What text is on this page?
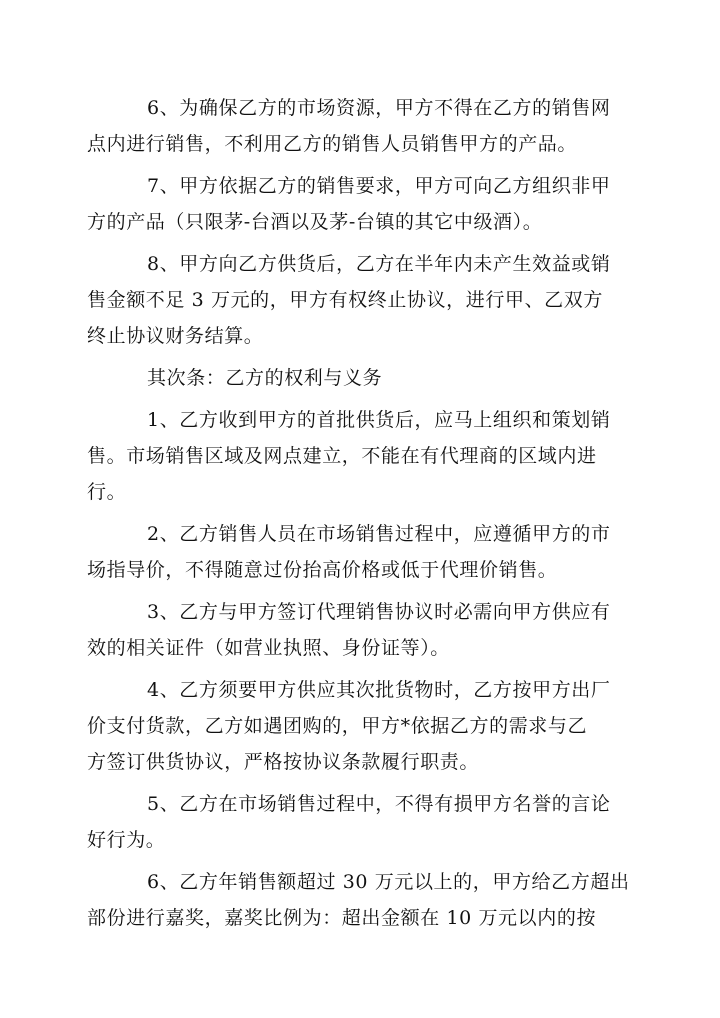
6、为确保乙方的市场资源，甲方不得在乙方的销售网
点内进行销售，不利用乙方的销售人员销售甲方的产品。
7、甲方依据乙方的销售要求，甲方可向乙方组织非甲
方的产品（只限茅-台酒以及茅-台镇的其它中级酒）。
8、甲方向乙方供货后，乙方在半年内未产生效益或销
售金额不足 3 万元的，甲方有权终止协议，进行甲、乙双方
终止协议财务结算。
其次条：乙方的权利与义务
1、乙方收到甲方的首批供货后，应马上组织和策划销
售。市场销售区域及网点建立，不能在有代理商的区域内进
行。
2、乙方销售人员在市场销售过程中，应遵循甲方的市
场指导价，不得随意过份抬高价格或低于代理价销售。
3、乙方与甲方签订代理销售协议时必需向甲方供应有
效的相关证件（如营业执照、身份证等）。
4、乙方须要甲方供应其次批货物时，乙方按甲方出厂
价支付货款，乙方如遇团购的，甲方*依据乙方的需求与乙
方签订供货协议，严格按协议条款履行职责。
5、乙方在市场销售过程中，不得有损甲方名誉的言论
好行为。
6、乙方年销售额超过 30 万元以上的，甲方给乙方超出
部份进行嘉奖，嘉奖比例为：超出金额在 10 万元以内的按
